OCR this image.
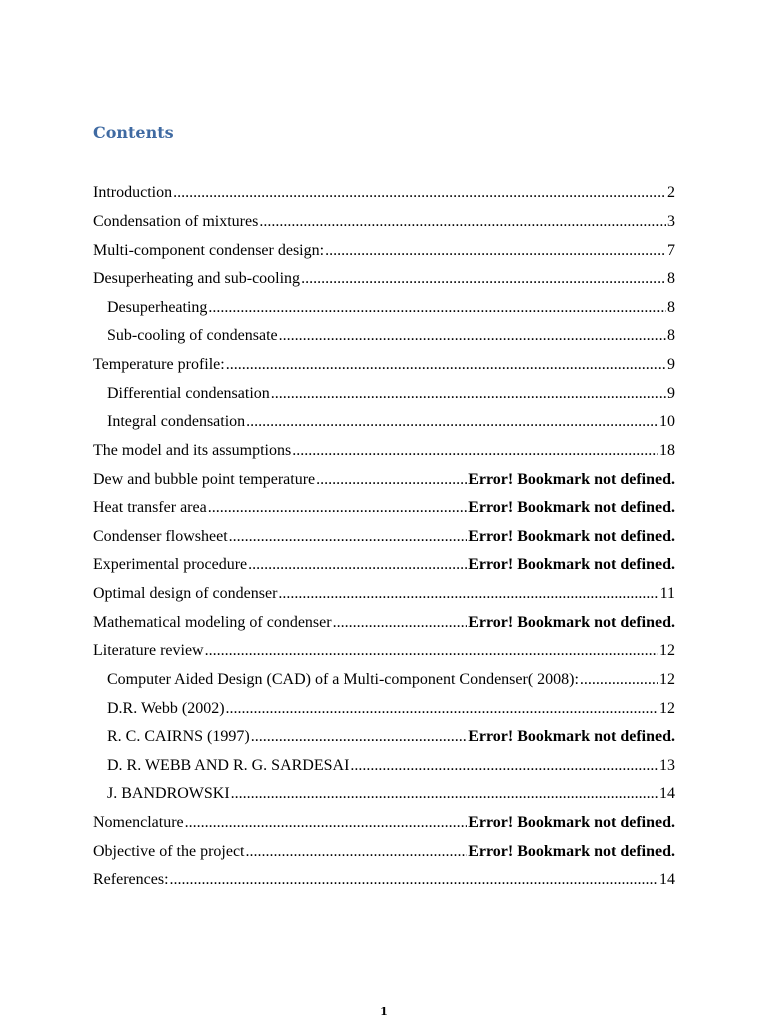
Contents
Introduction .....	2
Condensation of mixtures .....	3
Multi-component condenser design: .....	7
Desuperheating and sub-cooling .....	8
Desuperheating .....	8
Sub-cooling of condensate .....	8
Temperature profile: .....	9
Differential condensation .....	9
Integral condensation .....	10
The model and its assumptions .....	18
Dew and bubble point temperature .....	Error! Bookmark not defined.
Heat transfer area .....	Error! Bookmark not defined.
Condenser flowsheet .....	Error! Bookmark not defined.
Experimental procedure .....	Error! Bookmark not defined.
Optimal design of condenser .....	11
Mathematical modeling of condenser .....	Error! Bookmark not defined.
Literature review .....	12
Computer Aided Design (CAD) of a Multi-component Condenser( 2008): .....	12
D.R. Webb (2002) .....	12
R. C. CAIRNS (1997) .....	Error! Bookmark not defined.
D. R. WEBB AND R. G. SARDESAI .....	13
J. BANDROWSKI .....	14
Nomenclature .....	Error! Bookmark not defined.
Objective of the project .....	Error! Bookmark not defined.
References: .....	14
1
